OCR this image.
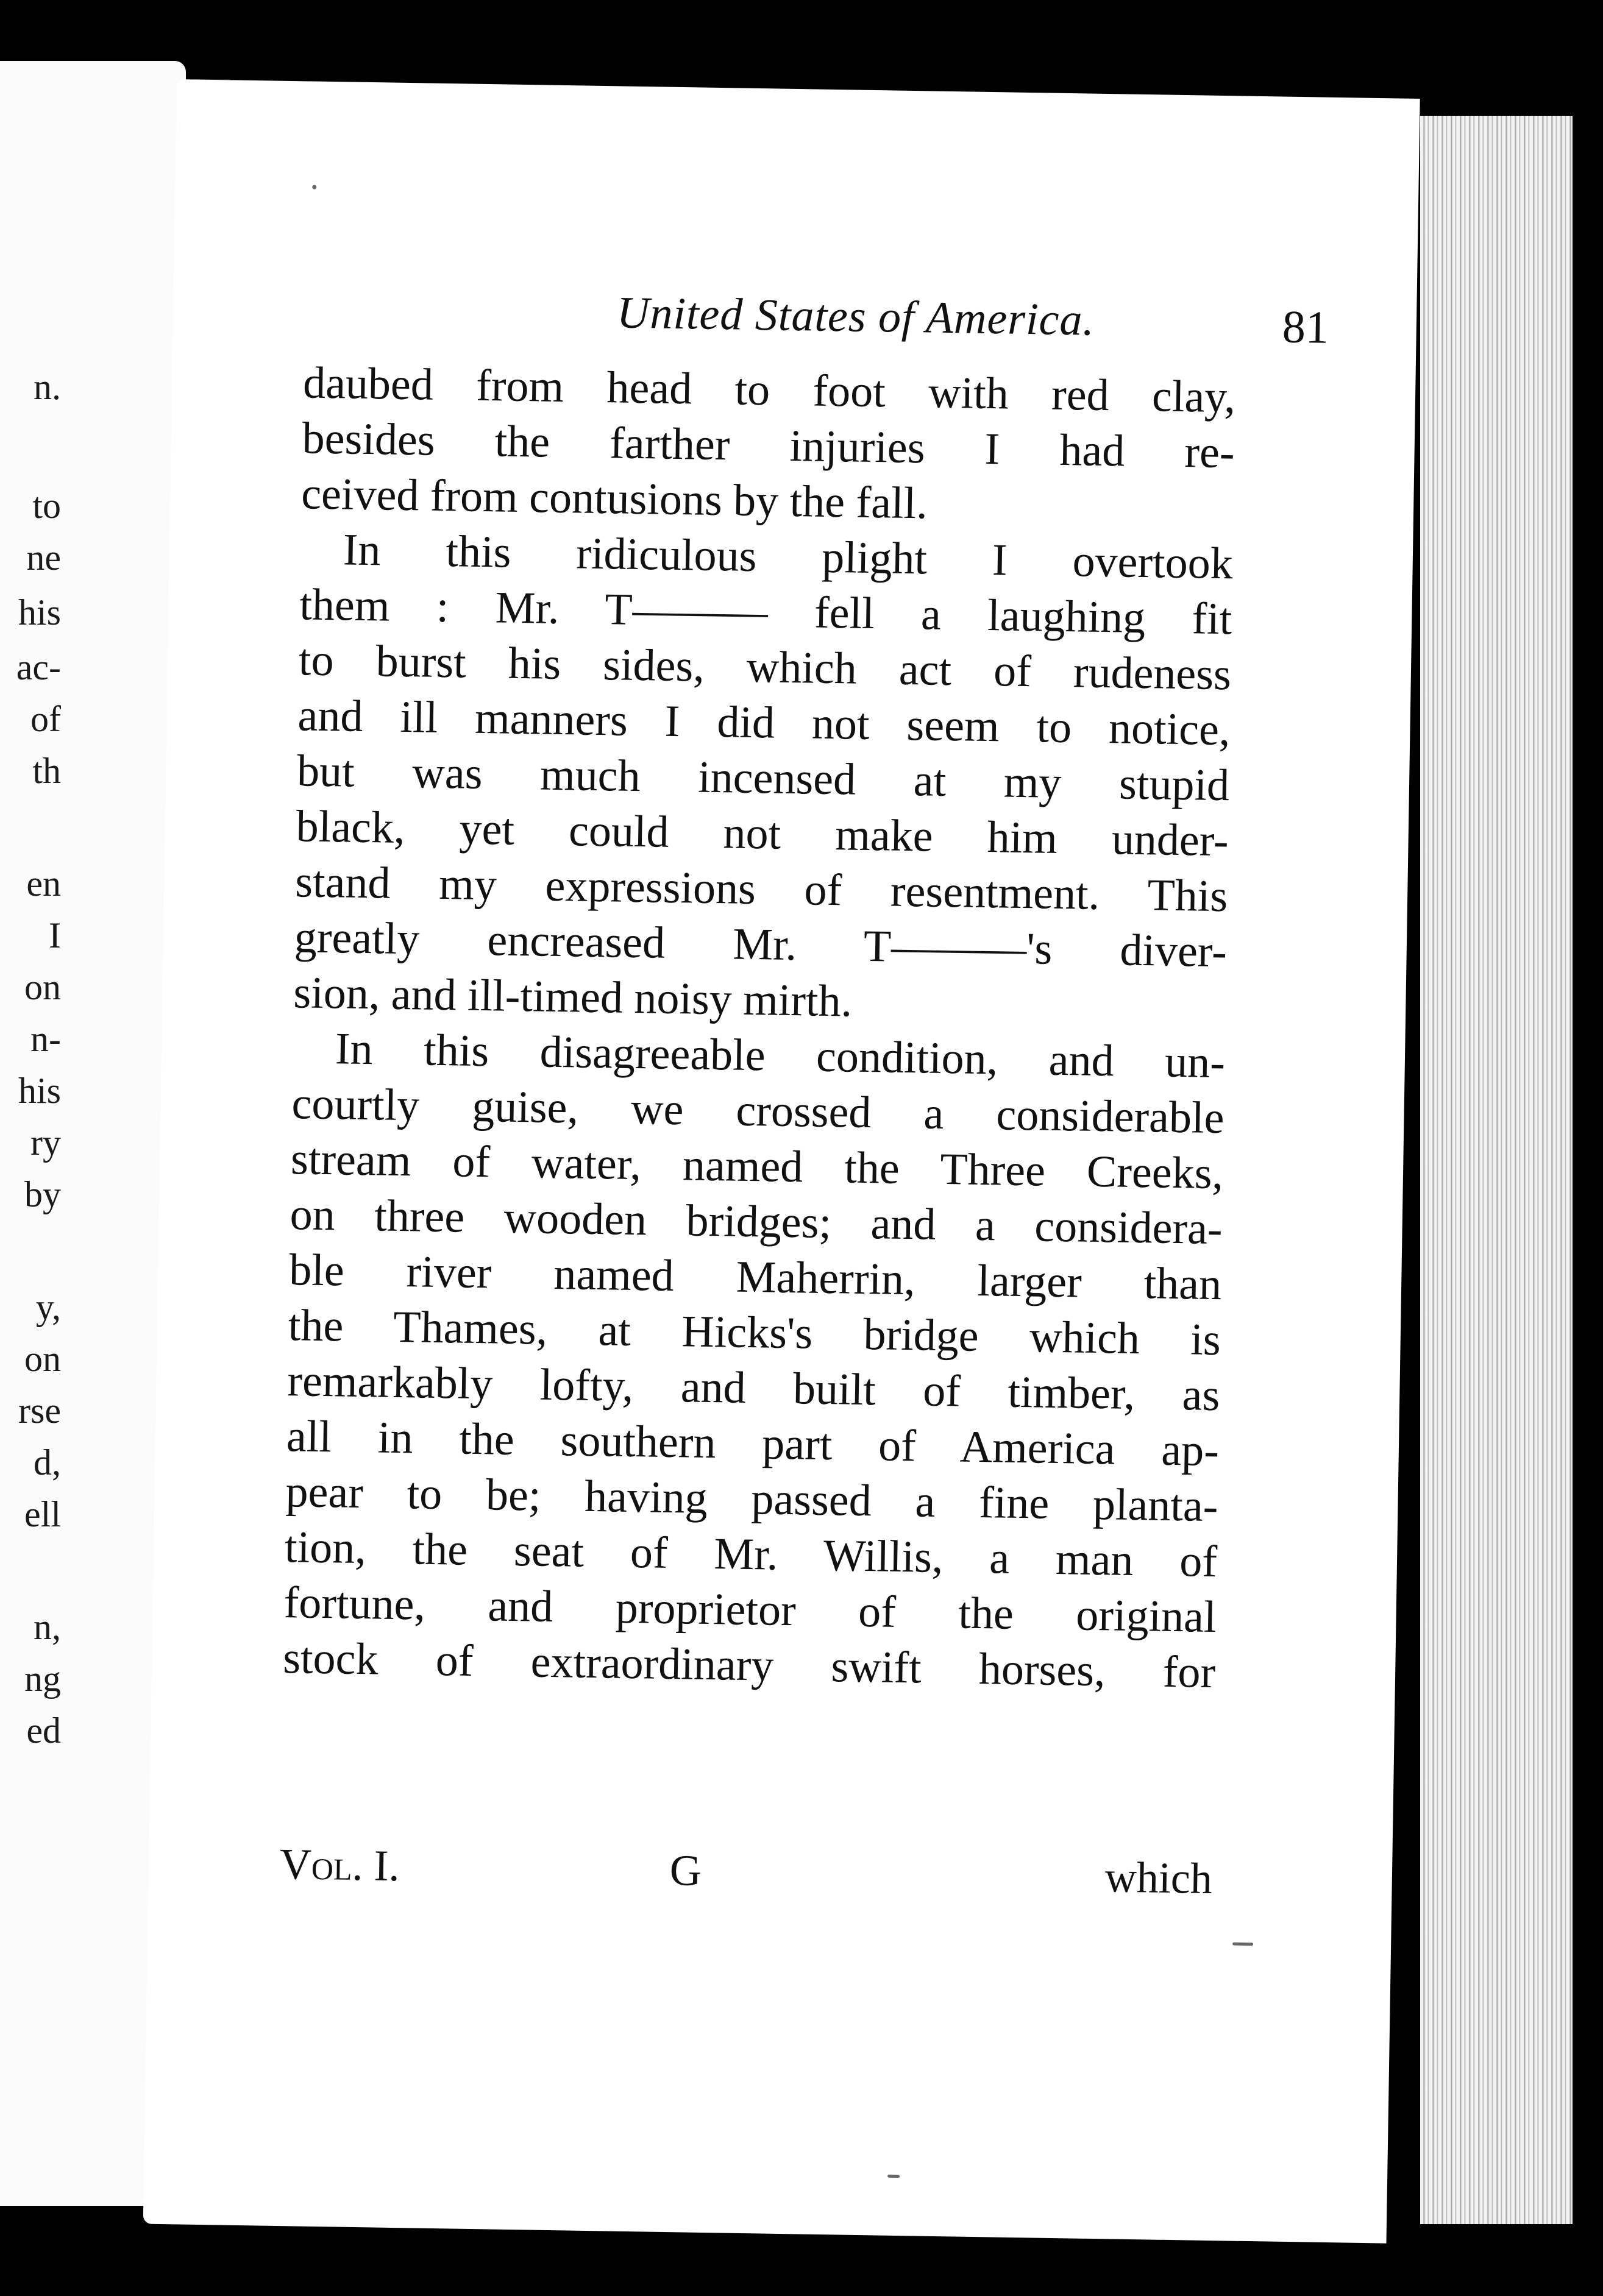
n.
to
ne
his
ac-
of
th
en
I
on
n-
his
ry
by
y,
on
rse
d,
ell
n,
ng
ed
United States of America.	81
daubed from head to foot with red clay,
besides the farther injuries I had re-
ceived from contusions by the fall.
In this ridiculous plight I overtook
them : Mr. T——— fell a laughing fit
to burst his sides, which act of rudeness
and ill manners I did not seem to notice,
but was much incensed at my stupid
black, yet could not make him under-
stand my expressions of resentment. This
greatly encreased Mr. T———'s diver-
sion, and ill-timed noisy mirth.
In this disagreeable condition, and un-
courtly guise, we crossed a considerable
stream of water, named the Three Creeks,
on three wooden bridges; and a considera-
ble river named Maherrin, larger than
the Thames, at Hicks's bridge which is
remarkably lofty, and built of timber, as
all in the southern part of America ap-
pear to be; having passed a fine planta-
tion, the seat of Mr. Willis, a man of
fortune, and proprietor of the original
stock of extraordinary swift horses, for
Vol. I.	G	which
